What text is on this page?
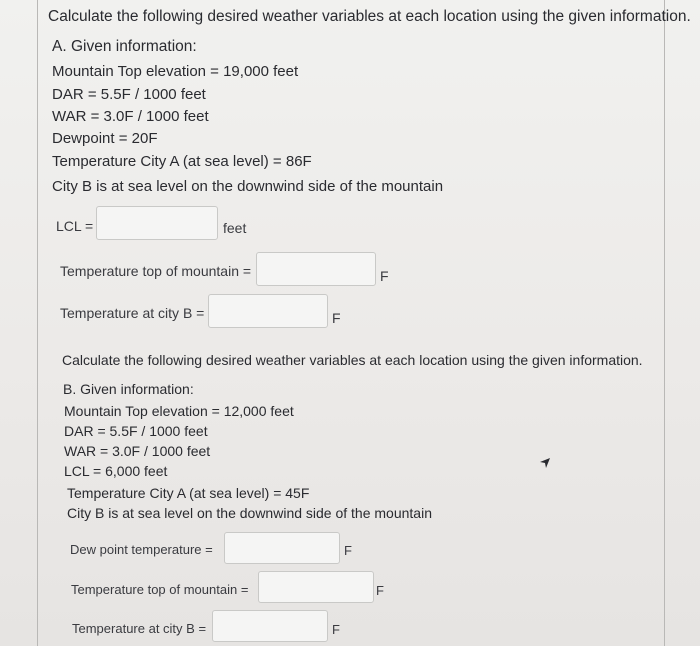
Calculate the following desired weather variables at each location using the given information.
A. Given information:
Mountain Top elevation = 19,000 feet
DAR = 5.5F / 1000 feet
WAR = 3.0F / 1000 feet
Dewpoint = 20F
Temperature City A (at sea level) = 86F
City B is at sea level on the downwind side of the mountain
LCL =	feet
Temperature top of mountain =	F
Temperature at city B =	F
Calculate the following desired weather variables at each location using the given information.
B. Given information:
Mountain Top elevation = 12,000 feet
DAR = 5.5F / 1000 feet
WAR = 3.0F / 1000 feet
LCL = 6,000 feet
Temperature City A (at sea level) = 45F
City B is at sea level on the downwind side of the mountain
Dew point temperature =	F
Temperature top of mountain =	F
Temperature at city B =	F
